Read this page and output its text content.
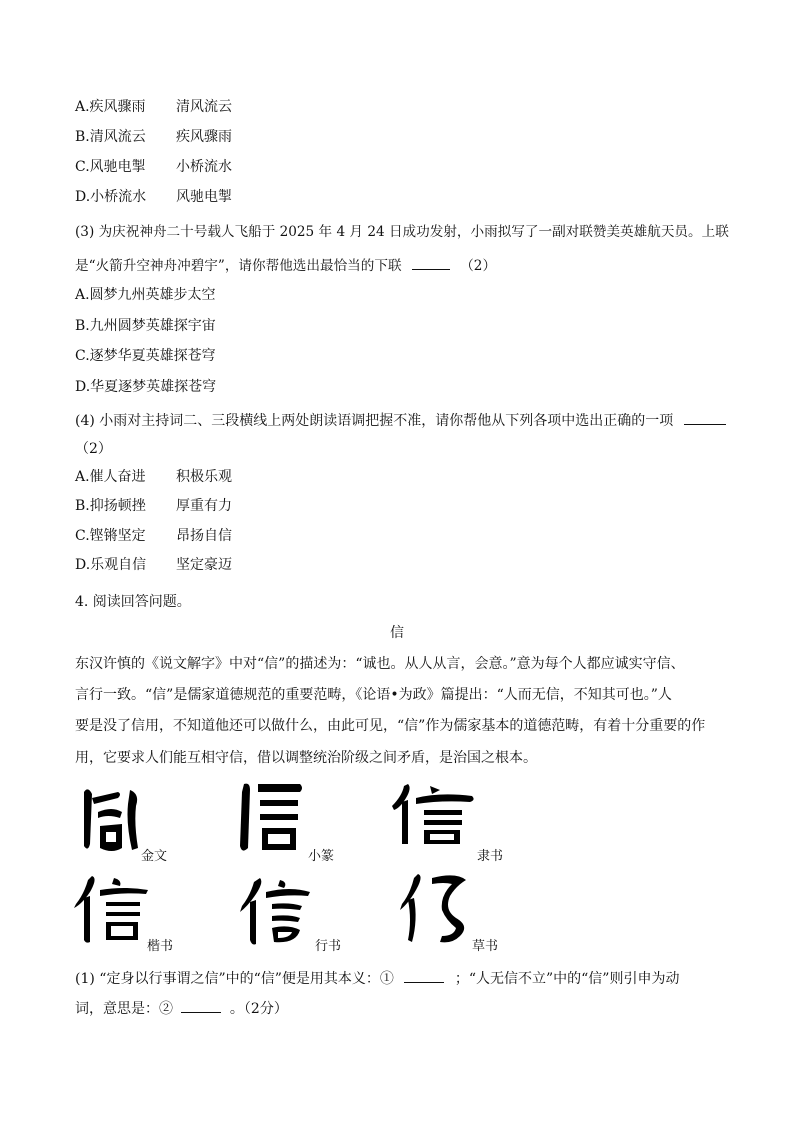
A.疾风骤雨 清风流云
B.清风流云 疾风骤雨
C.风驰电掣 小桥流水
D.小桥流水 风驰电掣
(3) 为庆祝神舟二十号载人飞船于 2025 年 4 月 24 日成功发射，小雨拟写了一副对联赞美英雄航天员。上联
是“火箭升空神舟冲碧宇”，请你帮他选出最恰当的下联	（2）
A.圆梦九州英雄步太空
B.九州圆梦英雄探宇宙
C.逐梦华夏英雄探苍穹
D.华夏逐梦英雄探苍穹
(4) 小雨对主持词二、三段横线上两处朗读语调把握不准，请你帮他从下列各项中选出正确的一项
（2）
A.催人奋进 积极乐观
B.抑扬顿挫 厚重有力
C.铿锵坚定 昂扬自信
D.乐观自信 坚定豪迈
4. 阅读回答问题。
信
东汉许慎的《说文解字》中对“信”的描述为：“诚也。从人从言，会意。”意为每个人都应诚实守信、
言行一致。“信”是儒家道德规范的重要范畴，《论语•为政》篇提出：“人而无信，不知其可也。”人
要是没了信用，不知道他还可以做什么，由此可见，“信”作为儒家基本的道德范畴，有着十分重要的作
用，它要求人们能互相守信，借以调整统治阶级之间矛盾，是治国之根本。
金文	小篆	隶书
楷书	行书	草书
(1) “定身以行事谓之信”中的“信”便是用其本义：①	；“人无信不立”中的“信”则引申为动
词，意思是：②	。（2分）
